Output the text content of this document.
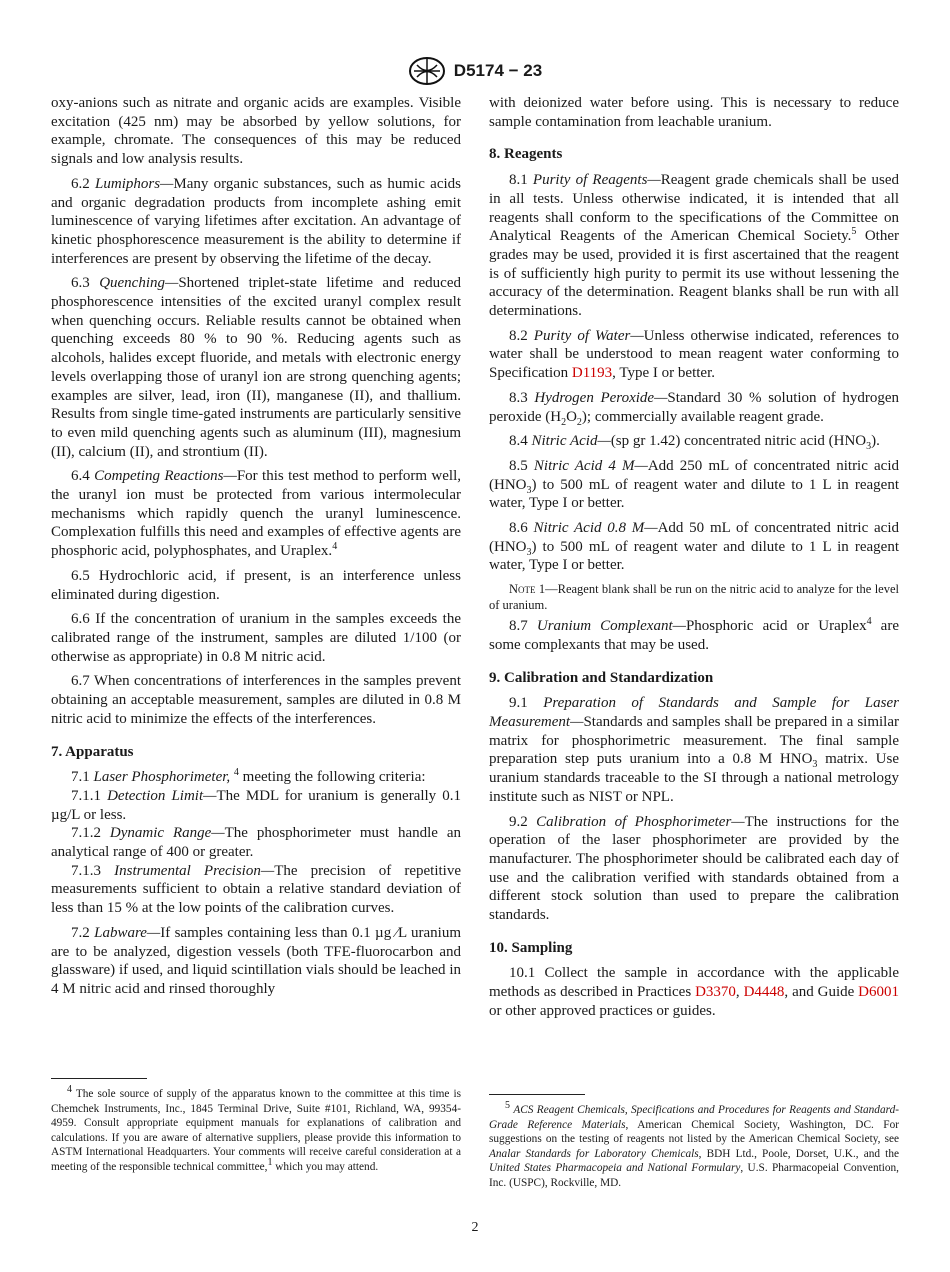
D5174 − 23

oxy-anions such as nitrate and organic acids are examples. Visible excitation (425 nm) may be absorbed by yellow solutions, for example, chromate. The consequences of this may be reduced signals and low analysis results.

6.2 Lumiphors—Many organic substances, such as humic acids and organic degradation products from incomplete ashing emit luminescence of varying lifetimes after excitation. An advantage of kinetic phosphorescence measurement is the ability to determine if interferences are present by observing the lifetime of the decay.

6.3 Quenching—Shortened triplet-state lifetime and reduced phosphorescence intensities of the excited uranyl complex result when quenching occurs. Reliable results cannot be obtained when quenching exceeds 80 % to 90 %. Reducing agents such as alcohols, halides except fluoride, and metals with electronic energy levels overlapping those of uranyl ion are strong quenching agents; examples are silver, lead, iron (II), manganese (II), and thallium. Results from single time-gated instruments are particularly sensitive to even mild quenching agents such as aluminum (III), magnesium (II), calcium (II), and strontium (II).

6.4 Competing Reactions—For this test method to perform well, the uranyl ion must be protected from various intermolecular mechanisms which rapidly quench the uranyl luminescence. Complexation fulfills this need and examples of effective agents are phosphoric acid, polyphosphates, and Uraplex.$^4$

6.5 Hydrochloric acid, if present, is an interference unless eliminated during digestion.

6.6 If the concentration of uranium in the samples exceeds the calibrated range of the instrument, samples are diluted 1/100 (or otherwise as appropriate) in 0.8 M nitric acid.

6.7 When concentrations of interferences in the samples prevent obtaining an acceptable measurement, samples are diluted in 0.8 M nitric acid to minimize the effects of the interferences.

7. Apparatus

7.1 Laser Phosphorimeter, $^4$ meeting the following criteria:

7.1.1 Detection Limit—The MDL for uranium is generally 0.1 µg/L or less.

7.1.2 Dynamic Range—The phosphorimeter must handle an analytical range of 400 or greater.

7.1.3 Instrumental Precision—The precision of repetitive measurements sufficient to obtain a relative standard deviation of less than 15 % at the low points of the calibration curves.

7.2 Labware—If samples containing less than 0.1 µg ⁄L uranium are to be analyzed, digestion vessels (both TFE-fluorocarbon and glassware) if used, and liquid scintillation vials should be leached in 4 M nitric acid and rinsed thoroughly

with deionized water before using. This is necessary to reduce sample contamination from leachable uranium.

8. Reagents

8.1 Purity of Reagents—Reagent grade chemicals shall be used in all tests. Unless otherwise indicated, it is intended that all reagents shall conform to the specifications of the Committee on Analytical Reagents of the American Chemical Society.$^5$ Other grades may be used, provided it is first ascertained that the reagent is of sufficiently high purity to permit its use without lessening the accuracy of the determination. Reagent blanks shall be run with all determinations.

8.2 Purity of Water—Unless otherwise indicated, references to water shall be understood to mean reagent water conforming to Specification D1193, Type I or better.

8.3 Hydrogen Peroxide—Standard 30 % solution of hydrogen peroxide $(H_2O_2)$; commercially available reagent grade.

8.4 Nitric Acid—(sp gr 1.42) concentrated nitric acid $(HNO_3)$.

8.5 Nitric Acid 4 M—Add 250 mL of concentrated nitric acid $(HNO_3)$ to 500 mL of reagent water and dilute to 1 L in reagent water, Type I or better.

8.6 Nitric Acid 0.8 M—Add 50 mL of concentrated nitric acid $(HNO_3)$ to 500 mL of reagent water and dilute to 1 L in reagent water, Type I or better.

Note 1—Reagent blank shall be run on the nitric acid to analyze for the level of uranium.

8.7 Uranium Complexant—Phosphoric acid or Uraplex$^4$ are some complexants that may be used.

9. Calibration and Standardization

9.1 Preparation of Standards and Sample for Laser Measurement—Standards and samples shall be prepared in a similar matrix for phosphorimetric measurement. The final sample preparation step puts uranium into a 0.8 M $HNO_3$ matrix. Use uranium standards traceable to the SI through a national metrology institute such as NIST or NPL.

9.2 Calibration of Phosphorimeter—The instructions for the operation of the laser phosphorimeter are provided by the manufacturer. The phosphorimeter should be calibrated each day of use and the calibration verified with standards obtained from a different stock solution than used to prepare the calibration standards.

10. Sampling

10.1 Collect the sample in accordance with the applicable methods as described in Practices D3370, D4448, and Guide D6001 or other approved practices or guides.

$^4$ The sole source of supply of the apparatus known to the committee at this time is Chemchek Instruments, Inc., 1845 Terminal Drive, Suite #101, Richland, WA, 99354-4959. Consult appropriate equipment manuals for explanations of calibration and calculations. If you are aware of alternative suppliers, please provide this information to ASTM International Headquarters. Your comments will receive careful consideration at a meeting of the responsible technical committee,$^1$ which you may attend.

$^5$ ACS Reagent Chemicals, Specifications and Procedures for Reagents and Standard-Grade Reference Materials, American Chemical Society, Washington, DC. For suggestions on the testing of reagents not listed by the American Chemical Society, see Analar Standards for Laboratory Chemicals, BDH Ltd., Poole, Dorset, U.K., and the United States Pharmacopeia and National Formulary, U.S. Pharmacopeial Convention, Inc. (USPC), Rockville, MD.

2
